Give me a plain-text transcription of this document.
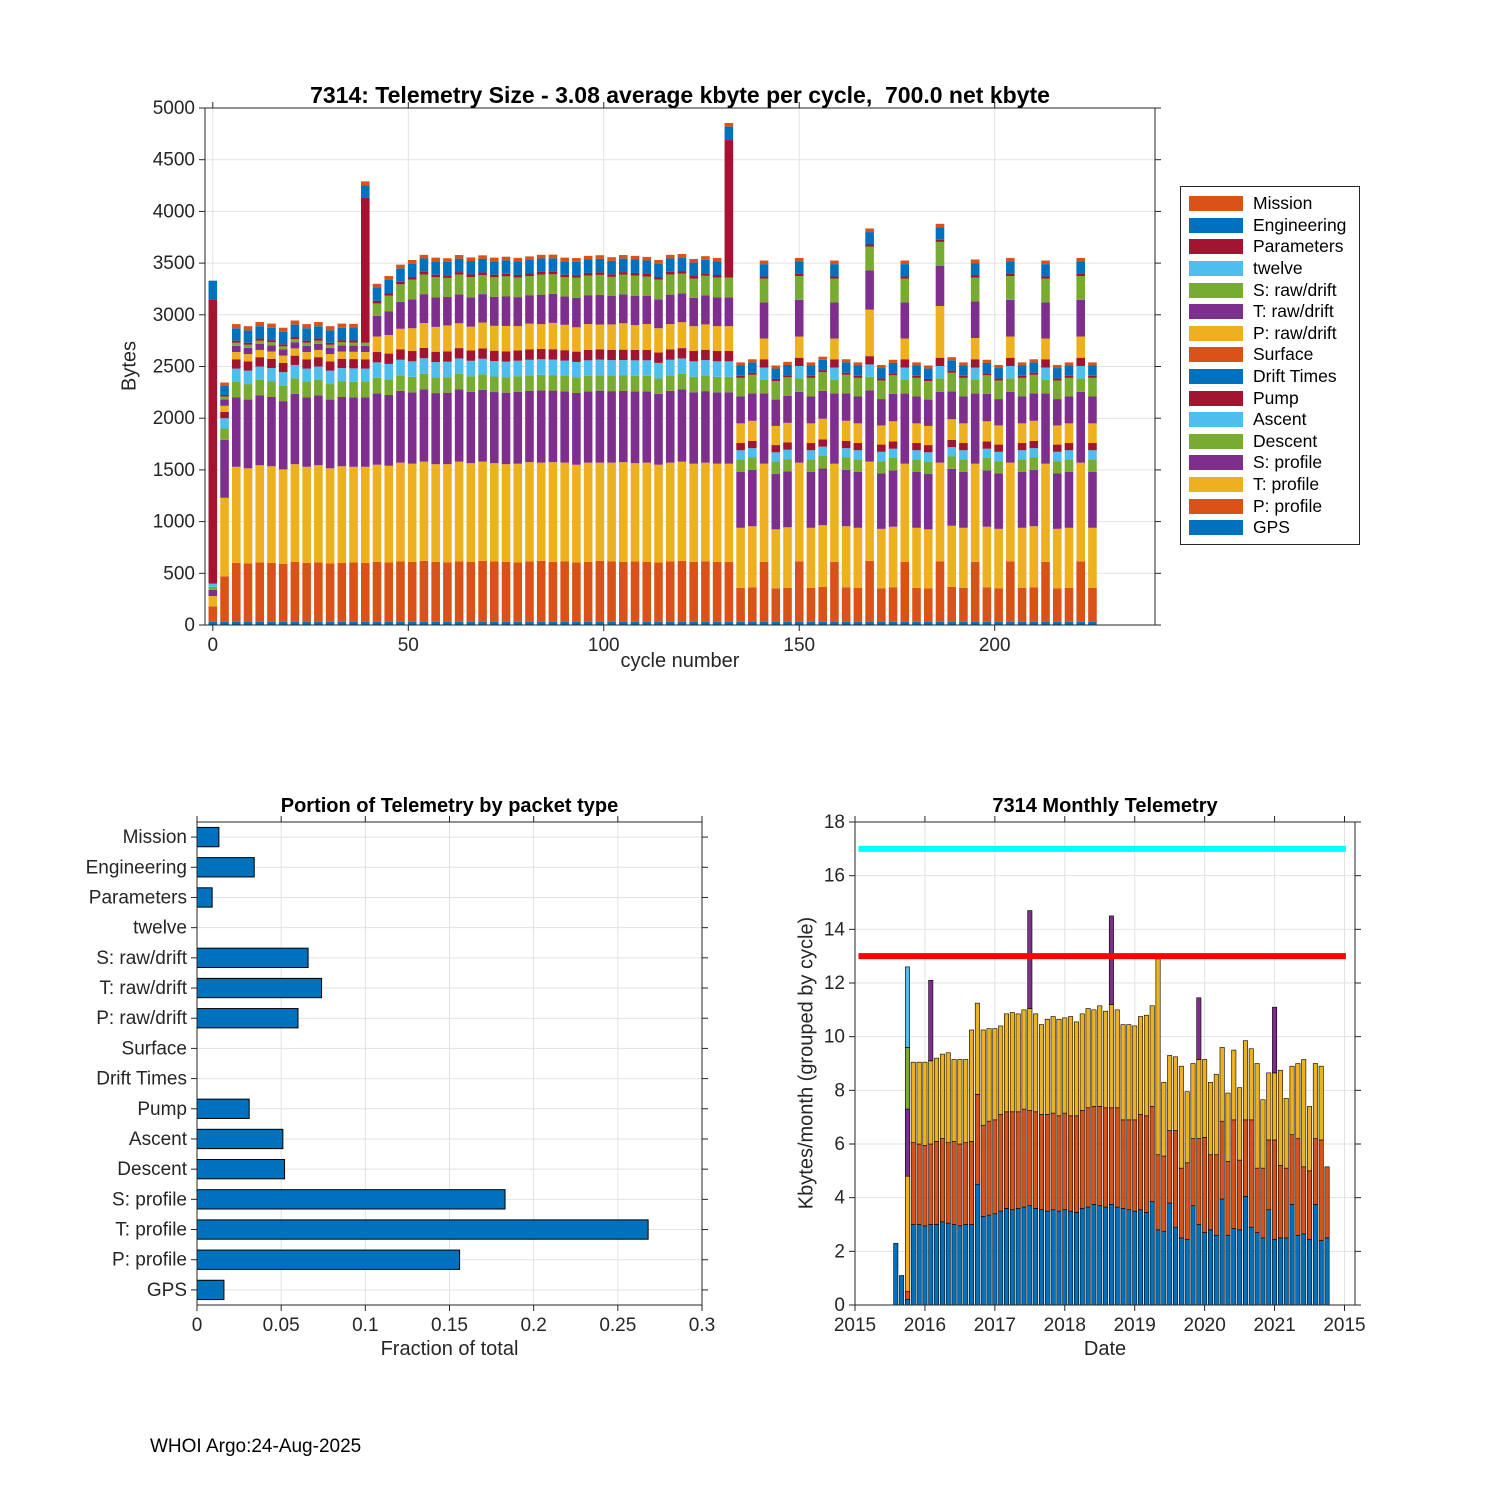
0	50	100	150	200
0
500
1000
1500
2000
2500
3000
3500
4000
4500
5000
0	0.05	0.1	0.15	0.2	0.25	0.3
Mission
Engineering
Parameters
twelve
S: raw/drift
T: raw/drift
P: raw/drift
Surface
Drift Times
Pump
Ascent
Descent
S: profile
T: profile
P: profile
GPS
2015 2016 2017 2018 2019 2020 2021 2015
0
2
4
6
8
10
12
14
16
18
7314: Telemetry Size - 3.08 average kbyte per cycle,  700.0 net kbyte
Bytes
cycle number
Portion of Telemetry by packet type
Fraction of total
7314 Monthly Telemetry
Kbytes/month (grouped by cycle)
Date
Mission
Engineering
Parameters
twelve
S: raw/drift
T: raw/drift
P: raw/drift
Surface
Drift Times
Pump
Ascent
Descent
S: profile
T: profile
P: profile
GPS
WHOI Argo:24-Aug-2025
